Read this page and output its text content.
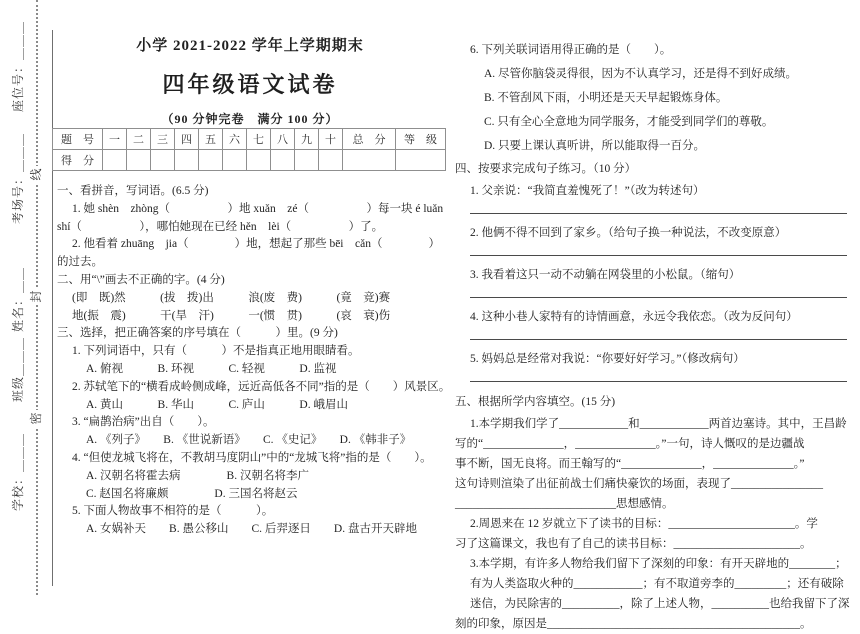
座位号：＿＿＿
考场号：＿＿＿
姓名：＿＿
班级＿＿＿
学校：＿＿＿
线
封
密
小学 2021-2022 学年上学期期末
四年级语文试卷
（90 分钟完卷　满分 100 分）
题　号	一	二	三	四	五	六	七	八	九	十	总　分	等　级
得　分												
一、看拼音，写词语。(6.5 分)
1. 她 shèn　zhòng（　　　　　）地 xuǎn　zé（　　　　　）每一块 é luǎn
shí（　　　　　），哪怕她现在已经 hěn　lèi（　　　　　）了。
2. 他看着 zhuāng　jia（　　　　）地，想起了那些 bēi　cǎn（　　　　）
的过去。
二、用“\”画去不正确的字。(4 分)
(即　既)然　　　(拔　拨)出　　　浪(废　费)　　　(竟　竞)赛
地(振　震)　　　干(旱　汗)　　　一(惯　贯)　　　(哀　衰)伤
三、选择，把正确答案的序号填在（　　　）里。(9 分)
1. 下列词语中，只有（　　　）不是指真正地用眼睛看。
A. 俯视　　　B. 环视　　　C. 轻视　　　D. 监视
2. 苏轼笔下的“横看成岭侧成峰，远近高低各不同”指的是（　　）风景区。
A. 黄山　　　B. 华山　　　C. 庐山　　　D. 峨眉山
3. “扁鹊治病”出自（　　）。
A. 《列子》　　B. 《世说新语》　　C. 《史记》　　D. 《韩非子》
4. “但使龙城飞将在，不教胡马度阴山”中的“龙城飞将”指的是（　　）。
A. 汉朝名将霍去病　　　　B. 汉朝名将李广
C. 赵国名将廉颇　　　　D. 三国名将赵云
5. 下面人物故事不相符的是（　　　）。
A. 女娲补天　　B. 愚公移山　　C. 后羿逐日　　D. 盘古开天辟地
6. 下列关联词语用得正确的是（　　）。
A. 尽管你脑袋灵得很，因为不认真学习，还是得不到好成绩。
B. 不管刮风下雨，小明还是天天早起锻炼身体。
C. 只有全心全意地为同学服务，才能受到同学们的尊敬。
D. 只要上课认真听讲，所以能取得一百分。
四、按要求完成句子练习。（10 分）
1. 父亲说：“我简直羞愧死了！”（改为转述句）
2. 他俩不得不回到了家乡。（给句子换一种说法，不改变原意）
3. 我看着这只一动不动躺在网袋里的小松鼠。（缩句）
4. 这种小巷人家特有的诗情画意，永远令我依恋。（改为反问句）
5. 妈妈总是经常对我说：“你要好好学习。”（修改病句）
五、根据所学内容填空。(15 分)
1.本学期我们学了____________和____________两首边塞诗。其中，王昌龄
写的“______________，______________。”一句，诗人慨叹的是边疆战
事不断，国无良将。而王翰写的“______________，______________。”
这句诗则渲染了出征前战士们痛快豪饮的场面，表现了________________
____________________________思想感情。
2.周恩来在 12 岁就立下了读书的目标：______________________。学
习了这篇课文，我也有了自己的读书目标：______________________。
3.本学期，有许多人物给我们留下了深刻的印象：有开天辟地的________；
有为人类盗取火种的____________；有不取道旁李的_________；还有破除
迷信，为民除害的__________，除了上述人物，__________也给我留下了深
刻的印象，原因是____________________________________________。
